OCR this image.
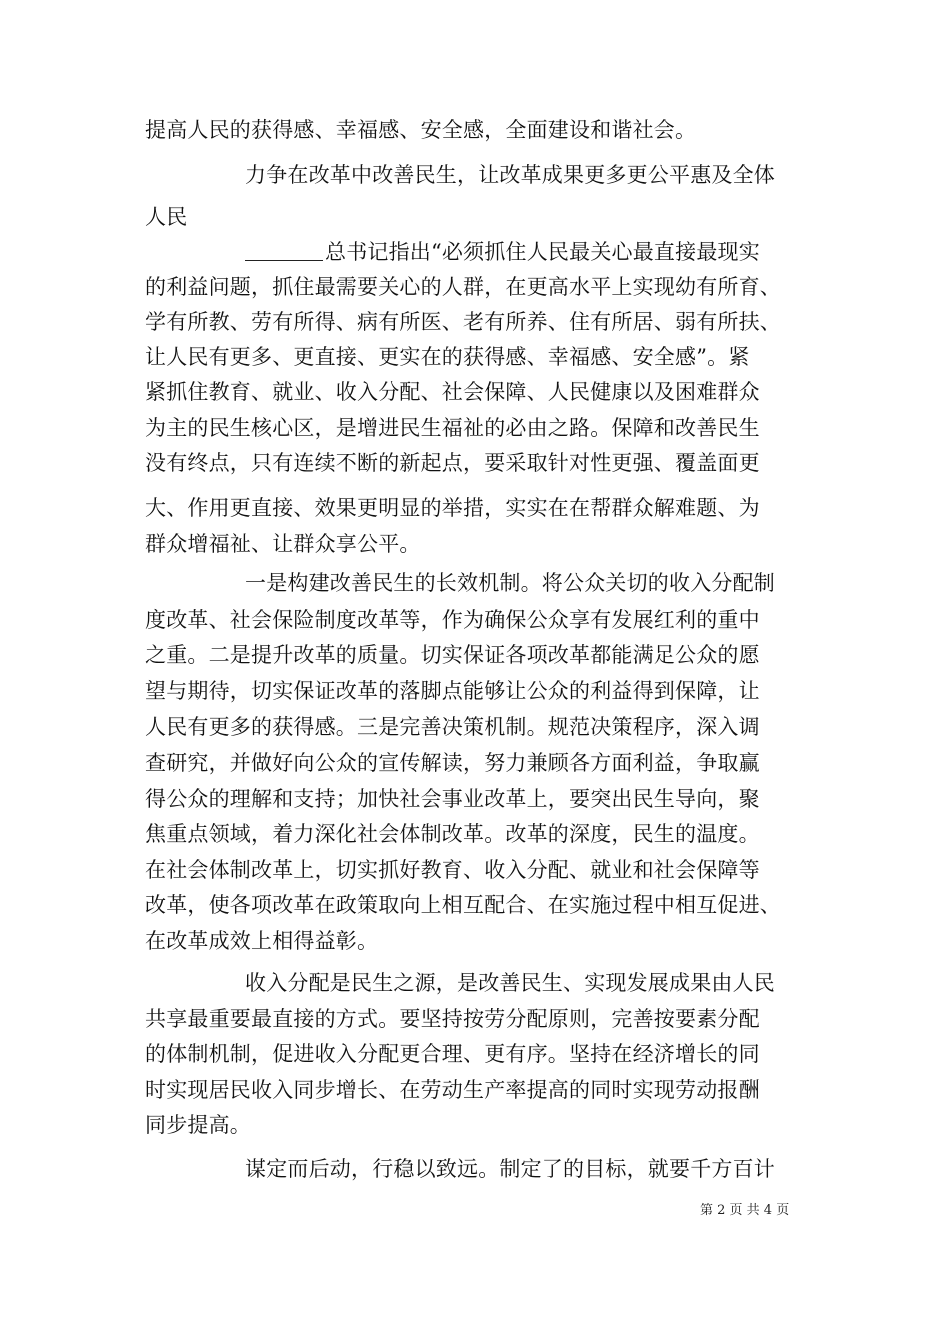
提高人民的获得感、幸福感、安全感，全面建设和谐社会。
力争在改革中改善民生，让改革成果更多更公平惠及全体
人民
总书记指出“必须抓住人民最关心最直接最现实
的利益问题，抓住最需要关心的人群，在更高水平上实现幼有所育、
学有所教、劳有所得、病有所医、老有所养、住有所居、弱有所扶、
让人民有更多、更直接、更实在的获得感、幸福感、安全感”。紧
紧抓住教育、就业、收入分配、社会保障、人民健康以及困难群众
为主的民生核心区，是增进民生福祉的必由之路。保障和改善民生
没有终点，只有连续不断的新起点，要采取针对性更强、覆盖面更
大、作用更直接、效果更明显的举措，实实在在帮群众解难题、为
群众增福祉、让群众享公平。
一是构建改善民生的长效机制。将公众关切的收入分配制
度改革、社会保险制度改革等，作为确保公众享有发展红利的重中
之重。二是提升改革的质量。切实保证各项改革都能满足公众的愿
望与期待，切实保证改革的落脚点能够让公众的利益得到保障，让
人民有更多的获得感。三是完善决策机制。规范决策程序，深入调
查研究，并做好向公众的宣传解读，努力兼顾各方面利益，争取赢
得公众的理解和支持；加快社会事业改革上，要突出民生导向，聚
焦重点领域，着力深化社会体制改革。改革的深度，民生的温度。
在社会体制改革上，切实抓好教育、收入分配、就业和社会保障等
改革，使各项改革在政策取向上相互配合、在实施过程中相互促进、
在改革成效上相得益彰。
收入分配是民生之源，是改善民生、实现发展成果由人民
共享最重要最直接的方式。要坚持按劳分配原则，完善按要素分配
的体制机制，促进收入分配更合理、更有序。坚持在经济增长的同
时实现居民收入同步增长、在劳动生产率提高的同时实现劳动报酬
同步提高。
谋定而后动，行稳以致远。制定了的目标，就要千方百计
第 2 页 共 4 页
